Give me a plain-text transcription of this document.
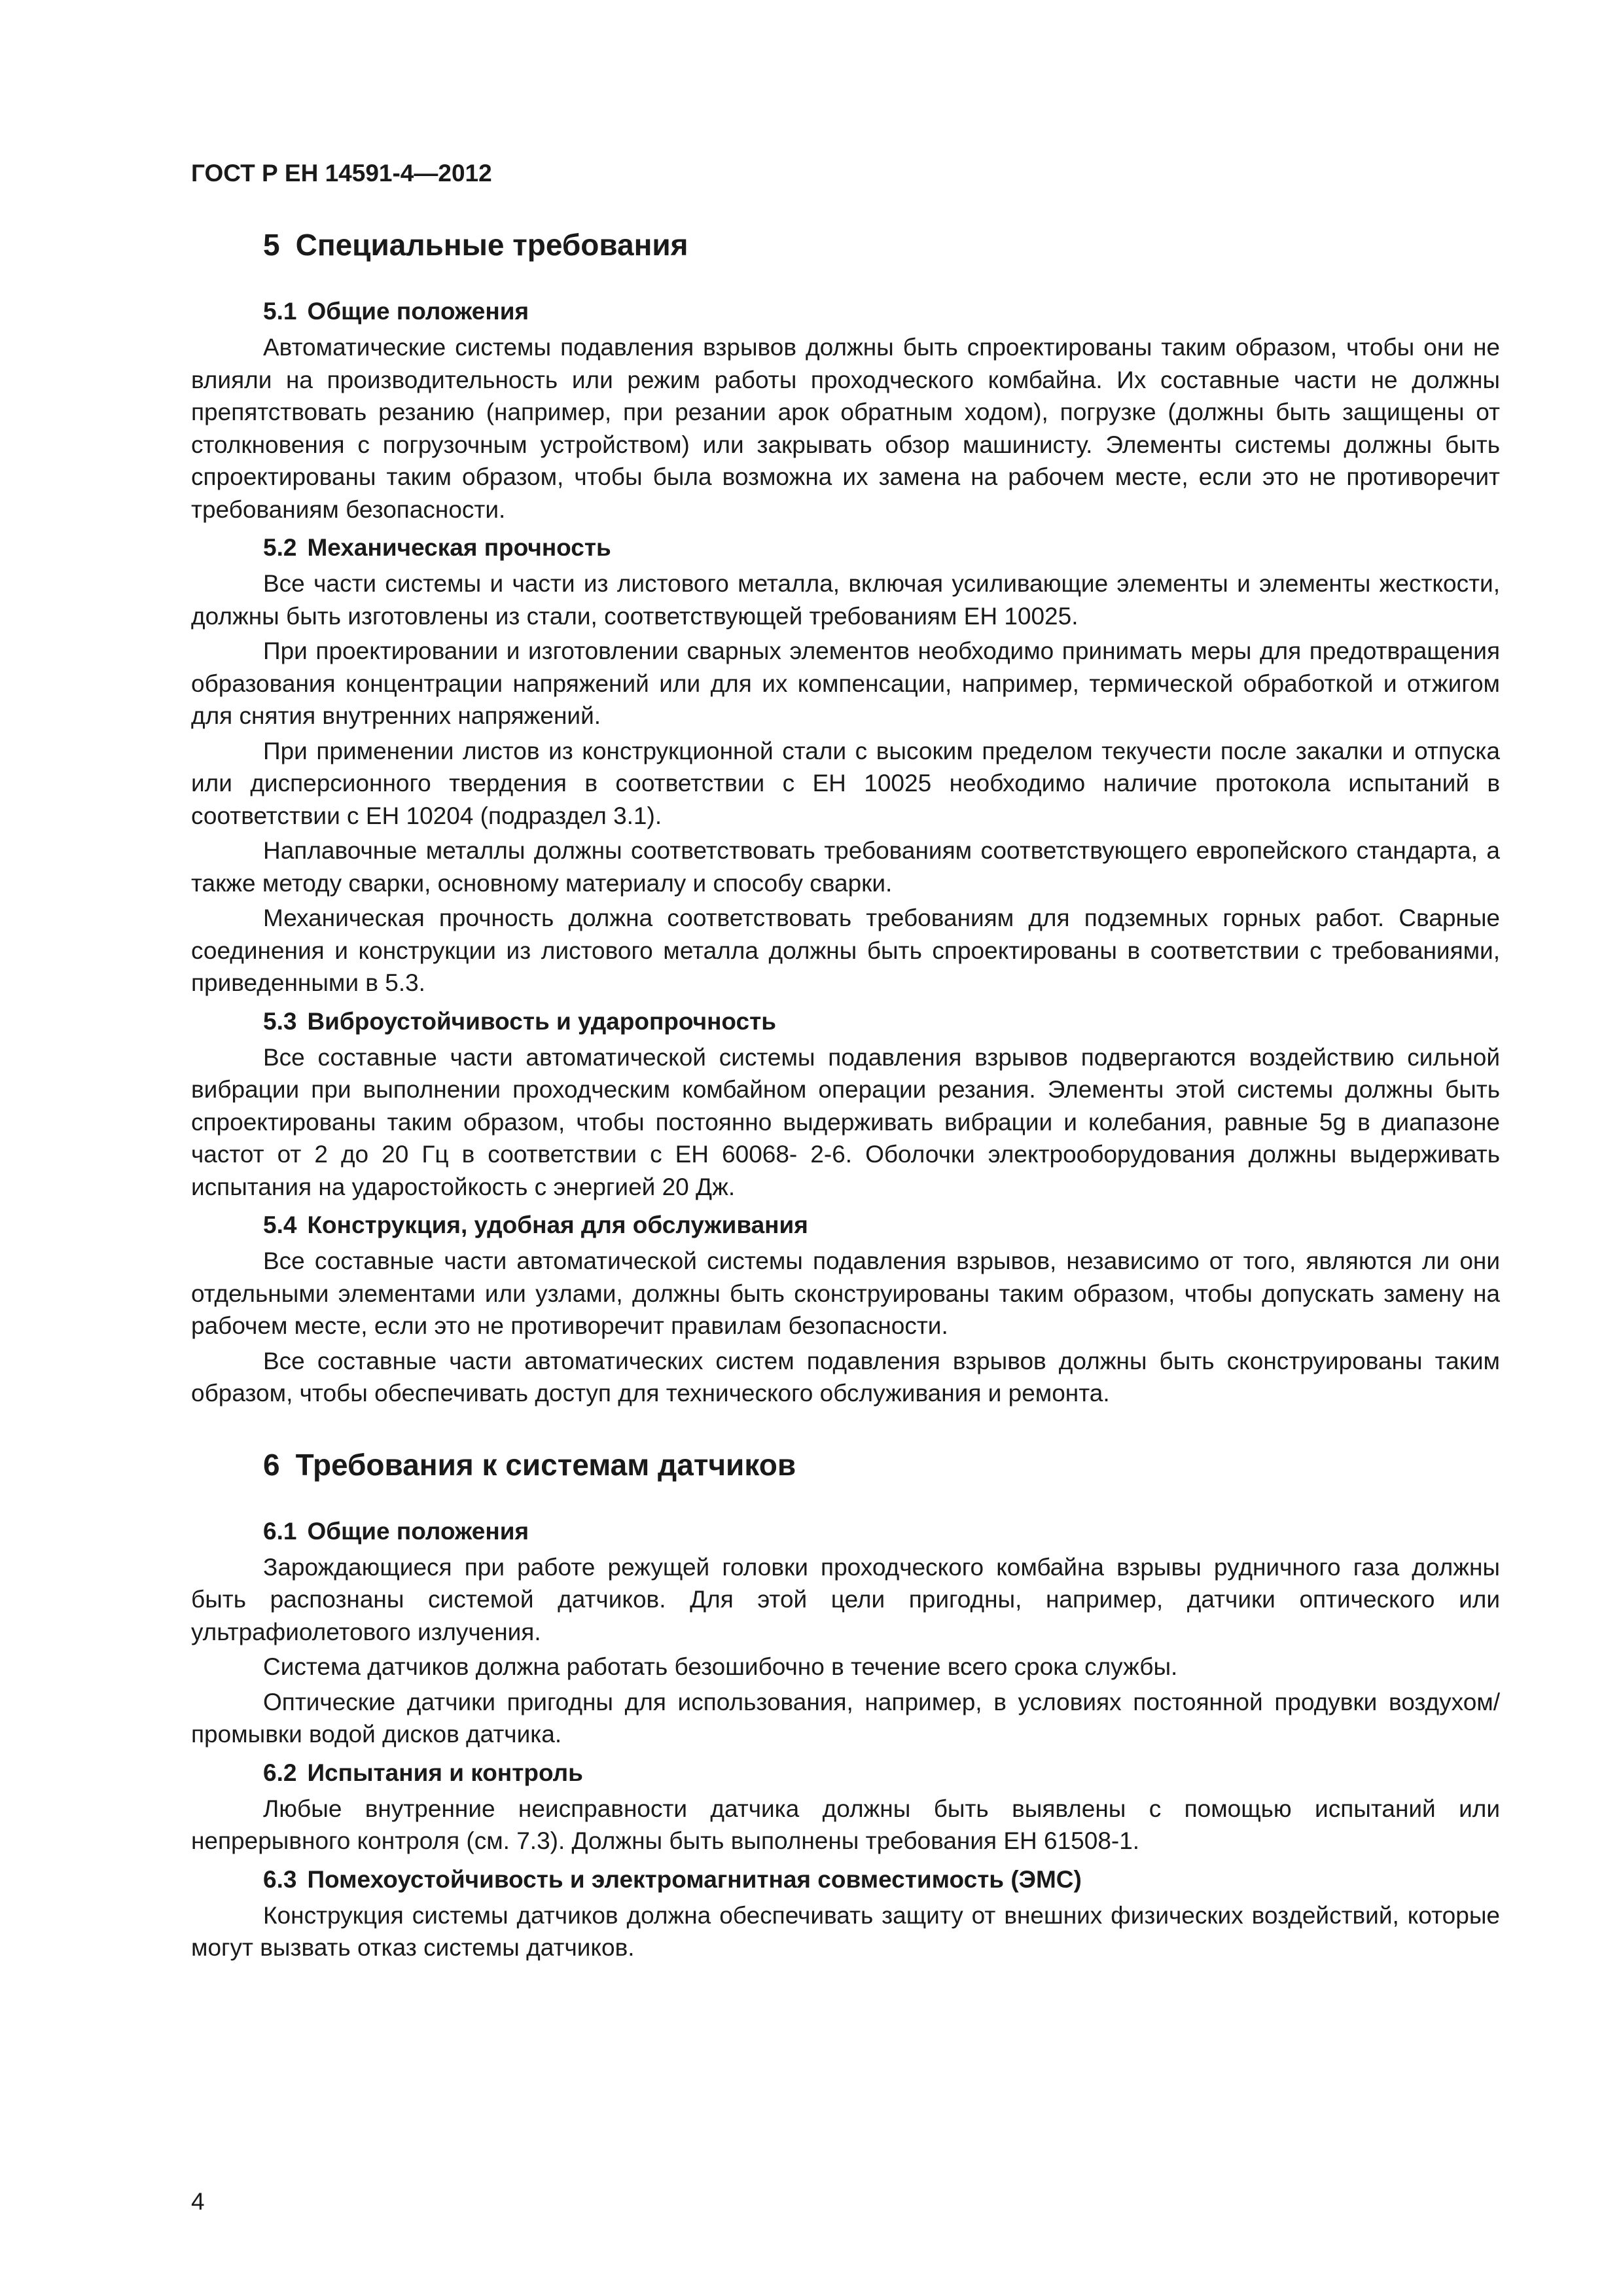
ГОСТ Р ЕН 14591-4—2012
5 Специальные требования
5.1 Общие положения

Автоматические системы подавления взрывов должны быть спроектированы таким образом, чтобы они не влияли на производительность или режим работы проходческого комбайна. Их составные части не должны препятствовать резанию (например, при резании арок обратным ходом), погрузке (должны быть защищены от столкновения с погрузочным устройством) или закрывать обзор машинисту. Элементы системы должны быть спроектированы таким образом, чтобы была возможна их замена на рабочем месте, если это не противоречит требованиям безопасности.

5.2 Механическая прочность

Все части системы и части из листового металла, включая усиливающие элементы и элементы жесткости, должны быть изготовлены из стали, соответствующей требованиям ЕН 10025.

При проектировании и изготовлении сварных элементов необходимо принимать меры для предотвращения образования концентрации напряжений или для их компенсации, например, термической обработкой и отжигом для снятия внутренних напряжений.

При применении листов из конструкционной стали с высоким пределом текучести после закалки и отпуска или дисперсионного твердения в соответствии с ЕН 10025 необходимо наличие протокола испытаний в соответствии с ЕН 10204 (подраздел 3.1).

Наплавочные металлы должны соответствовать требованиям соответствующего европейского стандарта, а также методу сварки, основному материалу и способу сварки.

Механическая прочность должна соответствовать требованиям для подземных горных работ. Сварные соединения и конструкции из листового металла должны быть спроектированы в соответствии с требованиями, приведенными в 5.3.

5.3 Виброустойчивость и ударопрочность

Все составные части автоматической системы подавления взрывов подвергаются воздействию сильной вибрации при выполнении проходческим комбайном операции резания. Элементы этой системы должны быть спроектированы таким образом, чтобы постоянно выдерживать вибрации и колебания, равные 5g в диапазоне частот от 2 до 20 Гц в соответствии с ЕН 60068- 2-6. Оболочки электрооборудования должны выдерживать испытания на ударостойкость с энергией 20 Дж.

5.4 Конструкция, удобная для обслуживания

Все составные части автоматической системы подавления взрывов, независимо от того, являются ли они отдельными элементами или узлами, должны быть сконструированы таким образом, чтобы допускать замену на рабочем месте, если это не противоречит правилам безопасности.

Все составные части автоматических систем подавления взрывов должны быть сконструированы таким образом, чтобы обеспечивать доступ для технического обслуживания и ремонта.

6 Требования к системам датчиков
6.1 Общие положения

Зарождающиеся при работе режущей головки проходческого комбайна взрывы рудничного газа должны быть распознаны системой датчиков. Для этой цели пригодны, например, датчики оптического или ультрафиолетового излучения.

Система датчиков должна работать безошибочно в течение всего срока службы.

Оптические датчики пригодны для использования, например, в условиях постоянной продувки воздухом/промывки водой дисков датчика.

6.2 Испытания и контроль

Любые внутренние неисправности датчика должны быть выявлены с помощью испытаний или непрерывного контроля (см. 7.3). Должны быть выполнены требования ЕН 61508-1.

6.3 Помехоустойчивость и электромагнитная совместимость (ЭМС)

Конструкция системы датчиков должна обеспечивать защиту от внешних физических воздействий, которые могут вызвать отказ системы датчиков.

4
